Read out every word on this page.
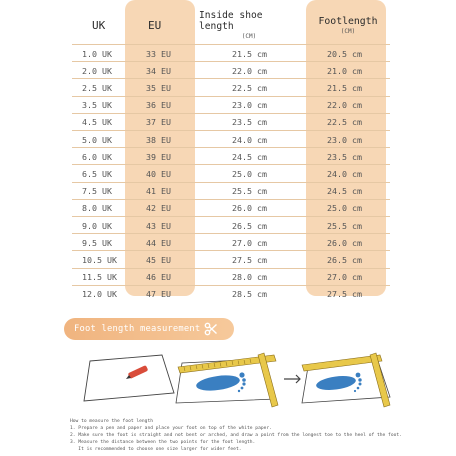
UK	EU
Inside shoe length
(CM)
Footlength
(CM)
1.0 UK	33 EU	21.5 cm	20.5 cm
2.0 UK	34 EU	22.0 cm	21.0 cm
2.5 UK	35 EU	22.5 cm	21.5 cm
3.5 UK	36 EU	23.0 cm	22.0 cm
4.5 UK	37 EU	23.5 cm	22.5 cm
5.0 UK	38 EU	24.0 cm	23.0 cm
6.0 UK	39 EU	24.5 cm	23.5 cm
6.5 UK	40 EU	25.0 cm	24.0 cm
7.5 UK	41 EU	25.5 cm	24.5 cm
8.0 UK	42 EU	26.0 cm	25.0 cm
9.0 UK	43 EU	26.5 cm	25.5 cm
9.5 UK	44 EU	27.0 cm	26.0 cm
10.5 UK	45 EU	27.5 cm	26.5 cm
11.5 UK	46 EU	28.0 cm	27.0 cm
12.0 UK	47 EU	28.5 cm	27.5 cm
Foot length measurement
How to measure the foot length
1. Prepare a pen and paper and place your foot on top of the white paper.
2. Make sure the foot is straight and not bent or arched, and draw a point from the longest toe to the heel of the foot.
3. Measure the distance between the two points for the foot length.
It is recommended to choose one size larger for wider feet.
